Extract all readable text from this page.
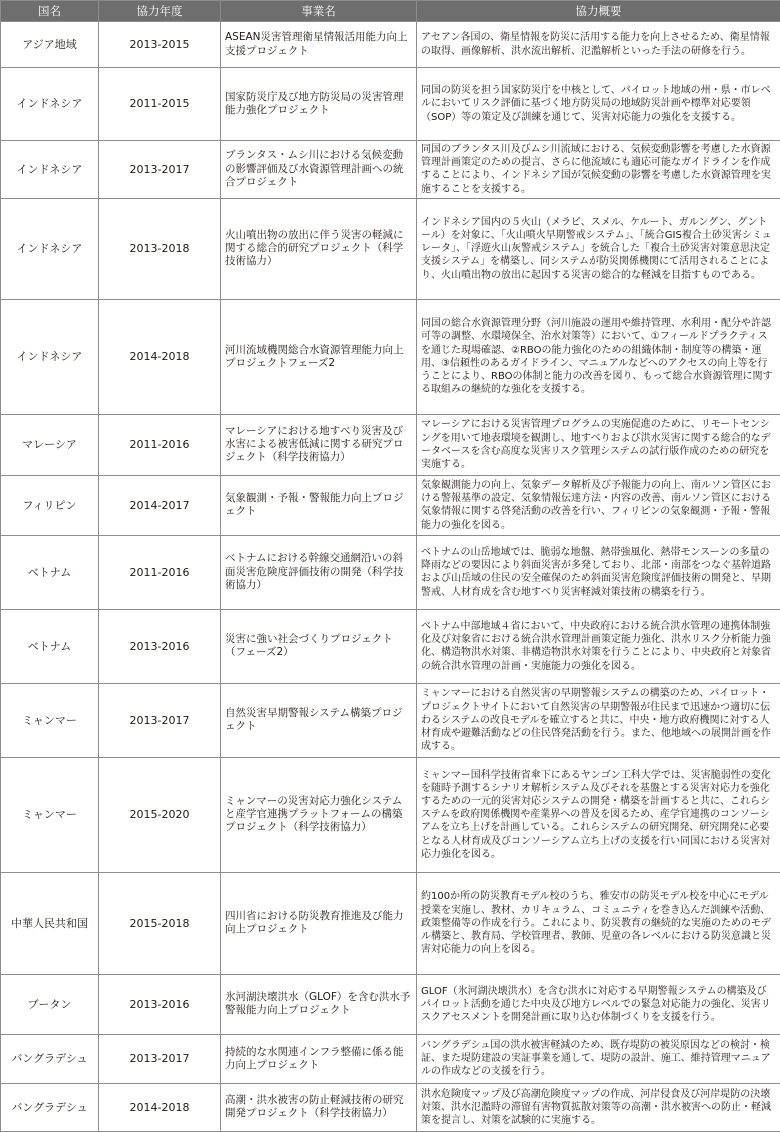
国名	協力年度	事業名	協力概要
アジア地域	2013-2015	ASEAN災害管理衛星情報活用能力向上支援プロジェクト	アセアン各国の、衛星情報を防災に活用する能力を向上させるため、衛星情報の取得、画像解析、洪水流出解析、氾濫解析といった手法の研修を行う。
インドネシア	2011-2015	国家防災庁及び地方防災局の災害管理能力強化プロジェクト	同国の防災を担う国家防災庁を中核として、パイロット地域の州・県・市レベルにおいてリスク評価に基づく地方防災局の地域防災計画や標準対応要領（SOP）等の策定及び訓練を通じて、災害対応能力の強化を支援する。
インドネシア	2013-2017	ブランタス・ムシ川における気候変動の影響評価及び水資源管理計画への統合プロジェクト	同国のブランタス川及びムシ川流域における、気候変動影響を考慮した水資源管理計画策定のための提言、さらに他流域にも適応可能なガイドラインを作成することにより、インドネシア国が気候変動の影響を考慮した水資源管理を実施することを支援する。
インドネシア	2013-2018	火山噴出物の放出に伴う災害の軽減に関する総合的研究プロジェクト（科学技術協力）	インドネシア国内の５火山（メラピ、スメル、ケルート、ガルングン、グントール）を対象に、「火山噴火早期警戒システム」、「統合GIS複合土砂災害シミュレータ」、「浮遊火山灰警戒システム」を統合した「複合土砂災害対策意思決定支援システム」を構築し、同システムが防災関係機関にて活用されることにより、火山噴出物の放出に起因する災害の総合的な軽減を目指すものである。
インドネシア	2014-2018	河川流域機関総合水資源管理能力向上プロジェクトフェーズ2	同国の総合水資源管理分野（河川施設の運用や維持管理、水利用・配分や許認可等の調整、水環境保全、治水対策等）において、①フィールドプラクティスを通じた現場確認、②RBOの能力強化のための組織体制・制度等の構築・運用、③信頼性のあるガイドライン、マニュアルなどへのアクセスの向上等を行うことにより、RBOの体制と能力の改善を図り、もって総合水資源管理に関する取組みの継続的な強化を支援する。
マレーシア	2011-2016	マレーシアにおける地すべり災害及び水害による被害低減に関する研究プロジェクト（科学技術協力）	マレーシアにおける災害管理プログラムの実施促進のために、リモートセンシングを用いて地表環境を観測し、地すべりおよび洪水災害に関する総合的なデータベースを含む高度な災害リスク管理システムの試行版作成のための研究を実施する。
フィリピン	2014-2017	気象観測・予報・警報能力向上プロジェクト	気象観測能力の向上、気象データ解析及び予報能力の向上、南ルソン管区における警報基準の設定、気象情報伝達方法・内容の改善、南ルソン管区における気象情報に関する啓発活動の改善を行い、フィリピンの気象観測・予報・警報能力の強化を図る。
ベトナム	2011-2016	ベトナムにおける幹線交通網沿いの斜面災害危険度評価技術の開発（科学技術協力）	ベトナムの山岳地域では、脆弱な地盤、熱帯強風化、熱帯モンスーンの多量の降雨などの要因により斜面災害が多発しており、北部・南部をつなぐ基幹道路および山岳域の住民の安全確保のため斜面災害危険度評価技術の開発と、早期警戒、人材育成を含む地すべり災害軽減対策技術の構築を行う。
ベトナム	2013-2016	災害に強い社会づくりプロジェクト（フェーズ2）	ベトナム中部地域４省において、中央政府における統合洪水管理の連携体制強化及び対象省における統合洪水管理計画策定能力強化、洪水リスク分析能力強化、構造物洪水対策、非構造物洪水対策を行うことにより、中央政府と対象省の統合洪水管理の計画・実施能力の強化を図る。
ミャンマー	2013-2017	自然災害早期警報システム構築プロジェクト	ミャンマーにおける自然災害の早期警報システムの構築のため、パイロット・プロジェクトサイトにおいて自然災害の早期警報が住民まで迅速かつ適切に伝わるシステムの改良モデルを確立すると共に、中央・地方政府機関に対する人材育成や避難活動などの住民啓発活動を行う。また、他地域への展開計画を作成する。
ミャンマー	2015-2020	ミャンマーの災害対応力強化システムと産学官連携プラットフォームの構築プロジェクト（科学技術協力）	ミャンマー国科学技術省傘下にあるヤンゴン工科大学では、災害脆弱性の変化を随時予測するシナリオ解析システム及びそれを基盤とする災害対応力を強化するための一元的災害対応システムの開発・構築を計画すると共に、これらシステムを政府関係機関や産業界への普及を図るため、産学官連携のコンソーシアムを立ち上げを計画している。これらシステムの研究開発、研究開発に必要となる人材育成及びコンソーシアム立ち上げの支援を行い同国における災害対応力強化を図る。
中華人民共和国	2015-2018	四川省における防災教育推進及び能力向上プロジェクト	約100か所の防災教育モデル校のうち、雅安市の防災モデル校を中心にモデル授業を実施し、教材、カリキュラム、コミュニティを巻き込んだ訓練や活動、政策整備等の作成を行う。これにより、防災教育の継続的な実施のためのモデル構築と、教育局、学校管理者、教師、児童の各レベルにおける防災意識と災害対応能力の向上を図る。
ブータン	2013-2016	氷河湖決壊洪水（GLOF）を含む洪水予警報能力向上プロジェクト	GLOF（氷河湖決壊洪水）を含む洪水に対応する早期警報システムの構築及びパイロット活動を通じた中央及び地方レベルでの緊急対応能力の強化、災害リスクアセスメントを開発計画に取り込む体制づくりを支援を行う。
バングラデシュ	2013-2017	持続的な水関連インフラ整備に係る能力向上プロジェクト	バングラデシュ国の洪水被害軽減のため、既存堤防の被災原因などの検討・検証、また堤防建設の実証事業を通して、堤防の設計、施工、維持管理マニュアルの作成などの支援を行う。
バングラデシュ	2014-2018	高潮・洪水被害の防止軽減技術の研究開発プロジェクト（科学技術協力）	洪水危険度マップ及び高潮危険度マップの作成、河岸侵食及び河岸堤防の決壊対策、洪水氾濫時の滞留有害物質拡散対策等の高潮・洪水被害への防止・軽減策を提言し、対策を試験的に実施する。
